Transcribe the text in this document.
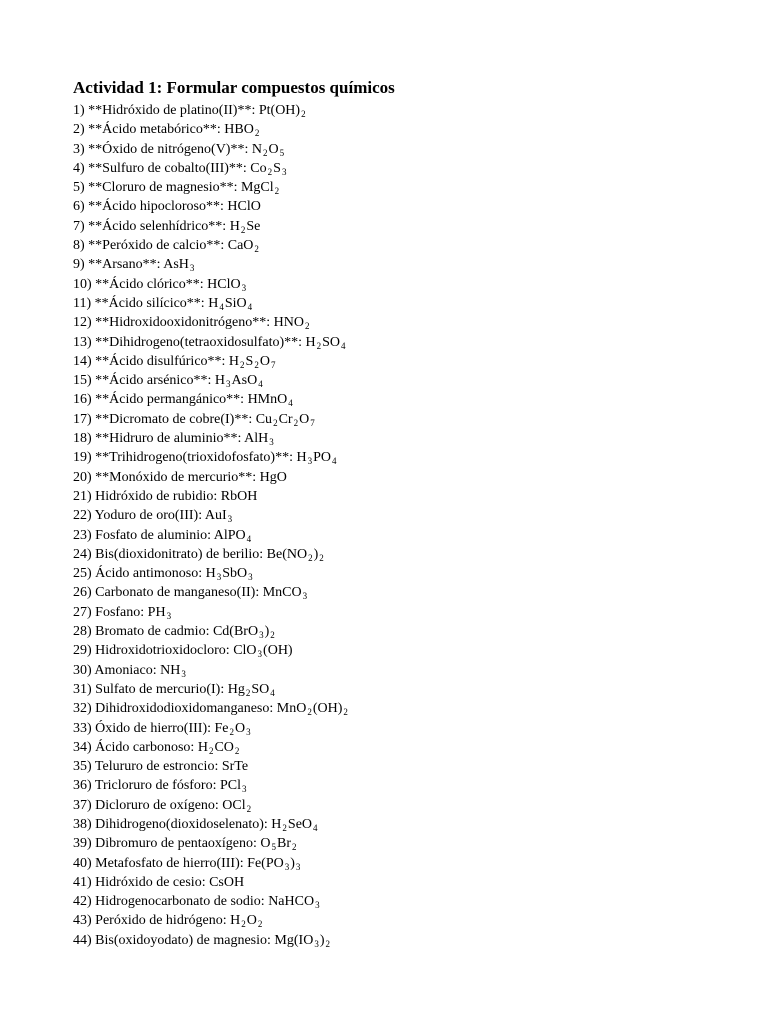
Actividad 1: Formular compuestos químicos
1) **Hidróxido de platino(II)**: $Pt(OH)_2$
2) **Ácido metabórico**: $HBO_2$
3) **Óxido de nitrógeno(V)**: $N_2O_5$
4) **Sulfuro de cobalto(III)**: $Co_2S_3$
5) **Cloruro de magnesio**: MgCl$_2$
6) **Ácido hipocloroso**: HClO
7) **Ácido selenhídrico**: $H_2Se$
8) **Peróxido de calcio**: CaO$_2$
9) **Arsano**: AsH$_3$
10) **Ácido clórico**: HClO$_3$
11) **Ácido silícico**: $H_4SiO_4$
12) **Hidroxidooxidonitrógeno**: $HNO_2$
13) **Dihidrogeno(tetraoxidosulfato)**: $H_2SO_4$
14) **Ácido disulfúrico**: $H_2S_2O_7$
15) **Ácido arsénico**: $H_3AsO_4$
16) **Ácido permangánico**: HMnO$_4$
17) **Dicromato de cobre(I)**: $Cu_2Cr_2O_7$
18) **Hidruro de aluminio**: AlH$_3$
19) **Trihidrogeno(trioxidofosfato)**: $H_3PO_4$
20) **Monóxido de mercurio**: HgO
21) Hidróxido de rubidio: RbOH
22) Yoduro de oro(III): AuI$_3$
23) Fosfato de aluminio: AlPO$_4$
24) Bis(dioxidonitrato) de berilio: $Be(NO_2)_2$
25) Ácido antimonoso: $H_3SbO_3$
26) Carbonato de manganeso(II): MnCO$_3$
27) Fosfano: $PH_3$
28) Bromato de cadmio: $Cd(BrO_3)_2$
29) Hidroxidotrioxidocloro: ClO$_3$(OH)
30) Amoniaco: $NH_3$
31) Sulfato de mercurio(I): $Hg_2SO_4$
32) Dihidroxidodioxidomanganeso: $MnO_2(OH)_2$
33) Óxido de hierro(III): $Fe_2O_3$
34) Ácido carbonoso: $H_2CO_2$
35) Telururo de estroncio: SrTe
36) Tricloruro de fósforo: PCl$_3$
37) Dicloruro de oxígeno: OCl$_2$
38) Dihidrogeno(dioxidoselenato): $H_2SeO_4$
39) Dibromuro de pentaoxígeno: $O_5Br_2$
40) Metafosfato de hierro(III): $Fe(PO_3)_3$
41) Hidróxido de cesio: CsOH
42) Hidrogenocarbonato de sodio: NaHCO$_3$
43) Peróxido de hidrógeno: $H_2O_2$
44) Bis(oxidoyodato) de magnesio: $Mg(IO_3)_2$
